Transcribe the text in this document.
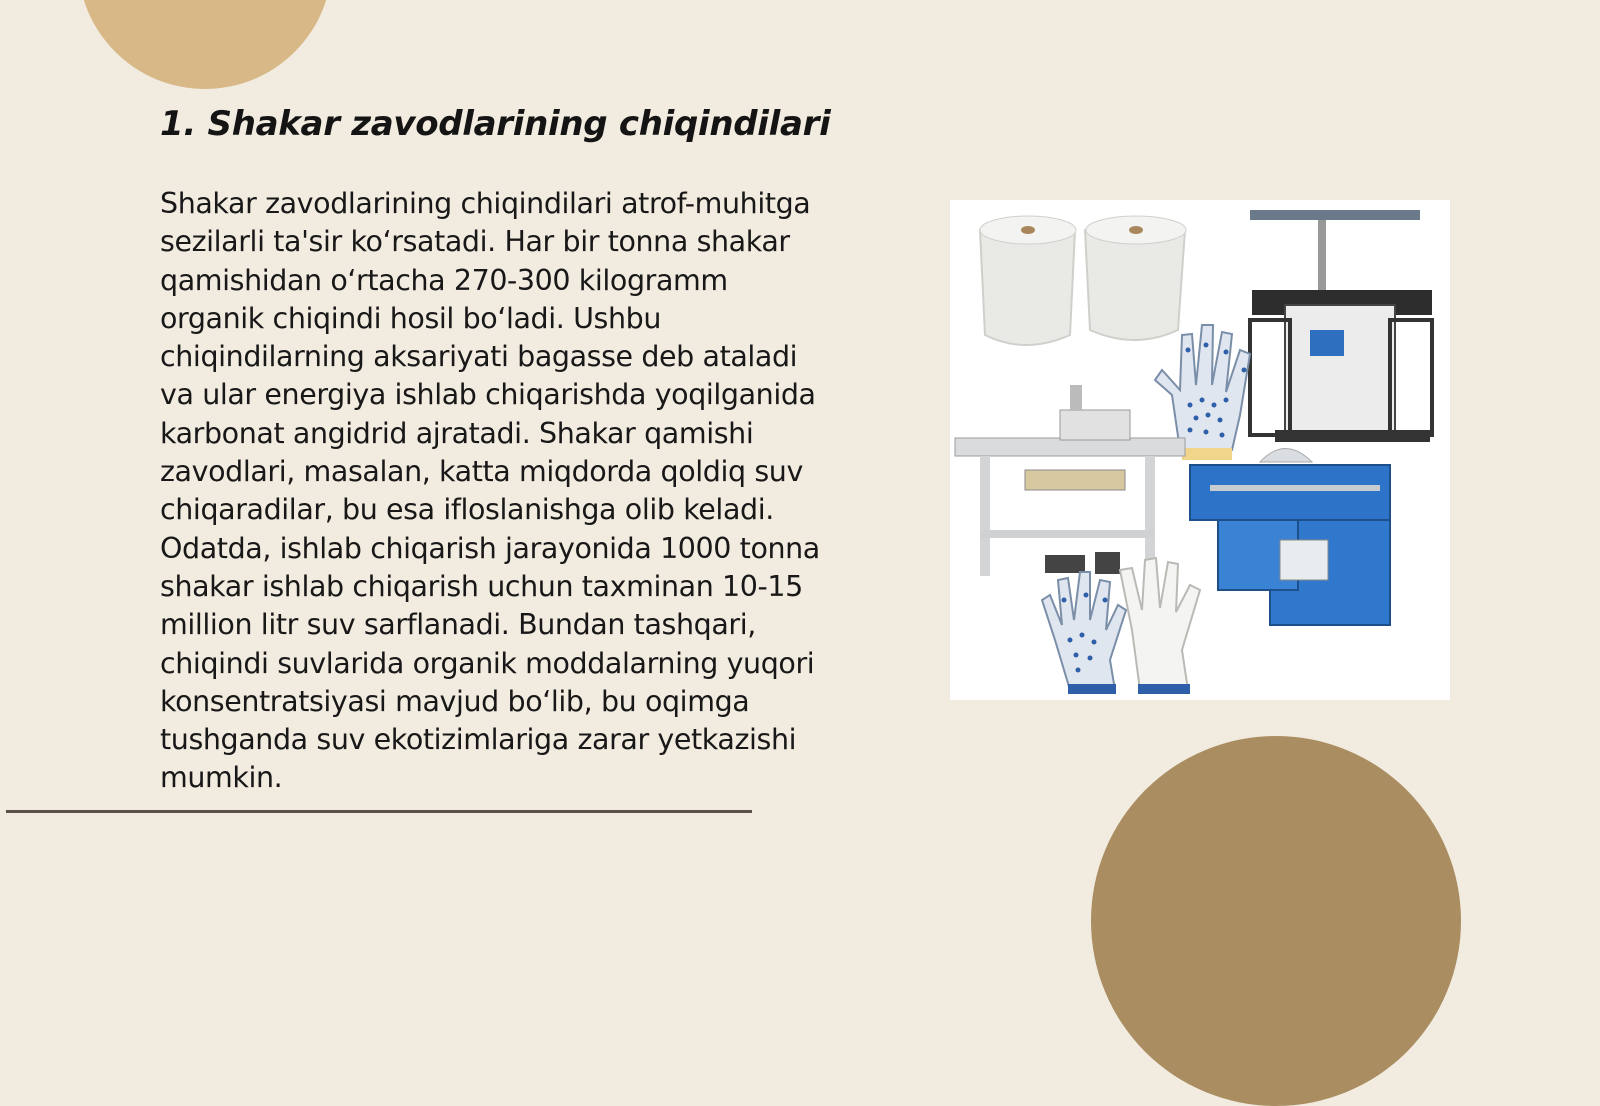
1. Shakar zavodlarining chiqindilari

Shakar zavodlarining chiqindilari atrof-muhitga sezilarli ta'sir ko‘rsatadi. Har bir tonna shakar qamishidan o‘rtacha 270-300 kilogramm organik chiqindi hosil bo‘ladi. Ushbu chiqindilarning aksariyati bagasse deb ataladi va ular energiya ishlab chiqarishda yoqilganida karbonat angidrid ajratadi. Shakar qamishi zavodlari, masalan, katta miqdorda qoldiq suv chiqaradilar, bu esa ifloslanishga olib keladi. Odatda, ishlab chiqarish jarayonida 1000 tonna shakar ishlab chiqarish uchun taxminan 10-15 million litr suv sarflanadi. Bundan tashqari, chiqindi suvlarida organik moddalarning yuqori konsentratsiyasi mavjud bo‘lib, bu oqimga tushganda suv ekotizimlariga zarar yetkazishi mumkin.
